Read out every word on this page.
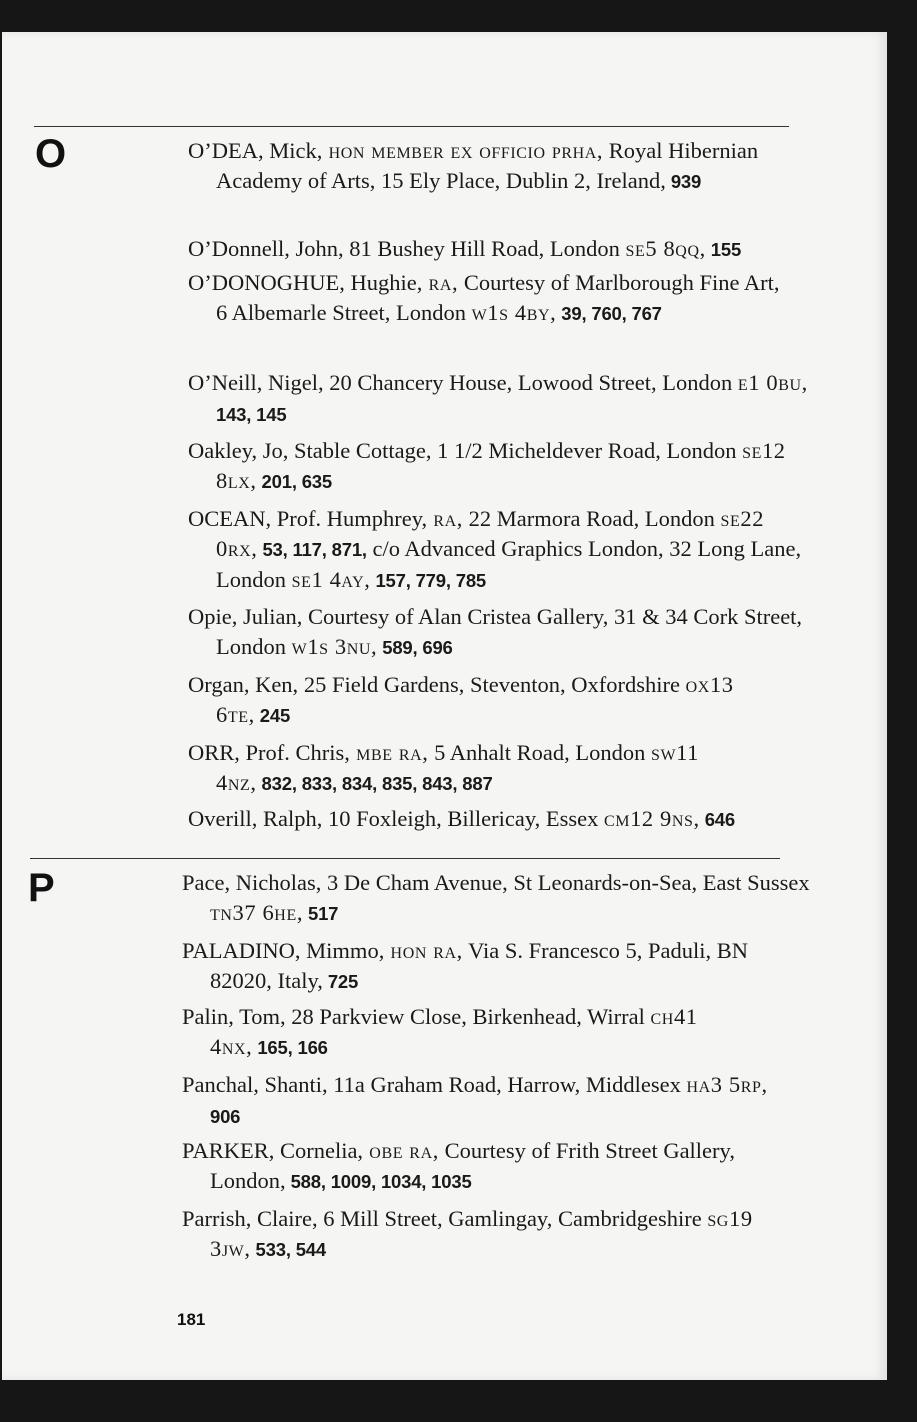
O	O’DEA, Mick, hon member ex officio prha, Royal Hibernian Academy of Arts, 15 Ely Place, Dublin 2, Ireland, 939

O’Donnell, John, 81 Bushey Hill Road, London se5 8qq, 155

O’DONOGHUE, Hughie, ra, Courtesy of Marlborough Fine Art, 6 Albemarle Street, London w1s 4by, 39, 760, 767

O’Neill, Nigel, 20 Chancery House, Lowood Street, London e1 0bu, 143, 145

Oakley, Jo, Stable Cottage, 1 1/2 Micheldever Road, London se12 8lx, 201, 635

OCEAN, Prof. Humphrey, ra, 22 Marmora Road, London se22 0rx, 53, 117, 871, c/o Advanced Graphics London, 32 Long Lane, London se1 4ay, 157, 779, 785

Opie, Julian, Courtesy of Alan Cristea Gallery, 31 & 34 Cork Street, London w1s 3nu, 589, 696

Organ, Ken, 25 Field Gardens, Steventon, Oxfordshire ox13 6te, 245

ORR, Prof. Chris, mbe ra, 5 Anhalt Road, London sw11 4nz, 832, 833, 834, 835, 843, 887

Overill, Ralph, 10 Foxleigh, Billericay, Essex cm12 9ns, 646

P	Pace, Nicholas, 3 De Cham Avenue, St Leonards-on-Sea, East Sussex tn37 6he, 517

PALADINO, Mimmo, hon ra, Via S. Francesco 5, Paduli, BN 82020, Italy, 725

Palin, Tom, 28 Parkview Close, Birkenhead, Wirral ch41 4nx, 165, 166

Panchal, Shanti, 11a Graham Road, Harrow, Middlesex ha3 5rp, 906

PARKER, Cornelia, obe ra, Courtesy of Frith Street Gallery, London, 588, 1009, 1034, 1035

Parrish, Claire, 6 Mill Street, Gamlingay, Cambridgeshire sg19 3jw, 533, 544

181
